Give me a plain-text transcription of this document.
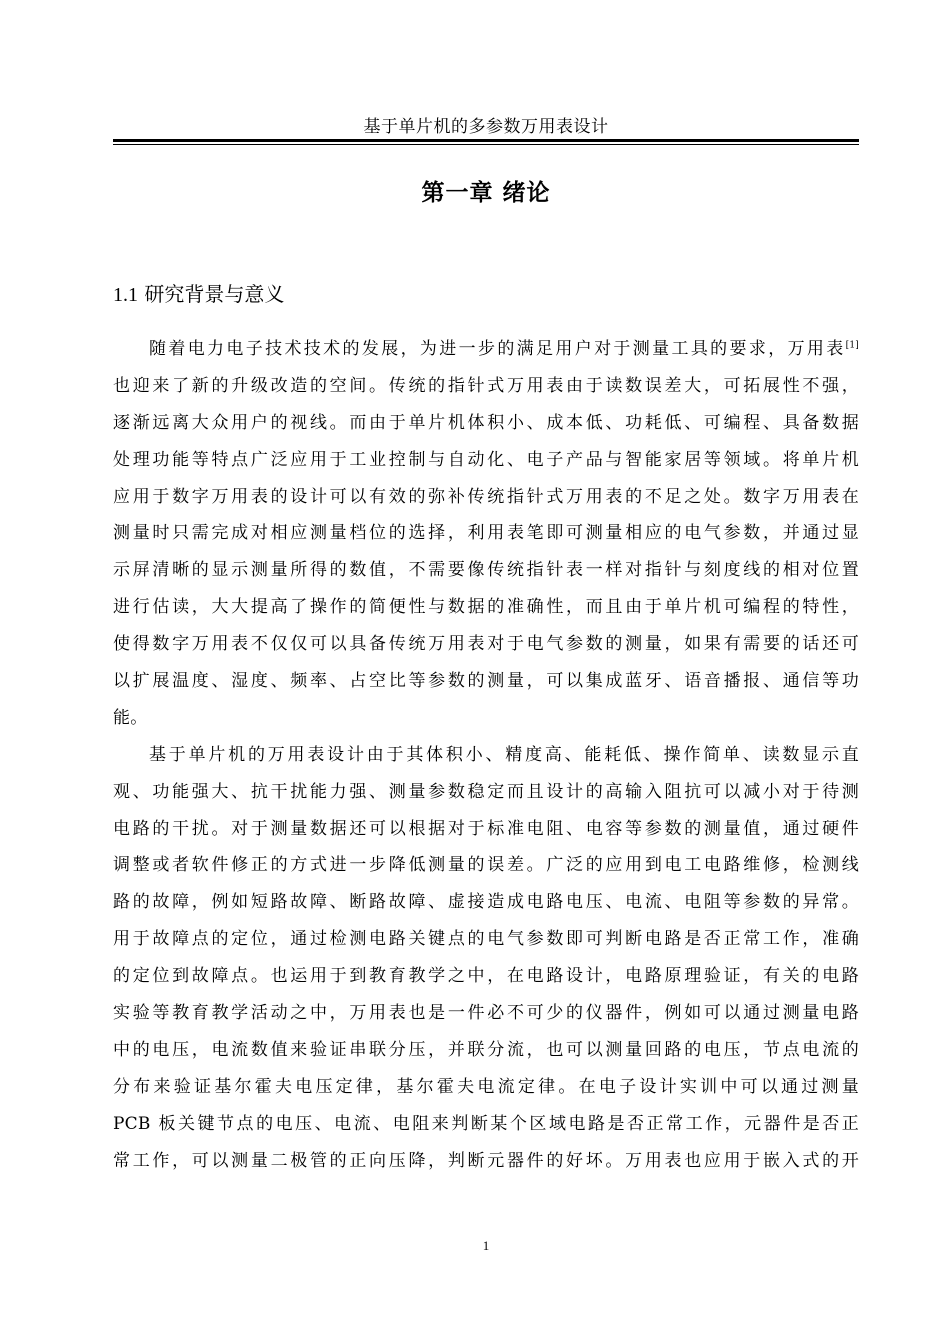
基于单片机的多参数万用表设计
第一章 绪论
1.1 研究背景与意义
随着电力电子技术技术的发展，为进一步的满足用户对于测量工具的要求，万用表[1]
也迎来了新的升级改造的空间。传统的指针式万用表由于读数误差大，可拓展性不强，
逐渐远离大众用户的视线。而由于单片机体积小、成本低、功耗低、可编程、具备数据
处理功能等特点广泛应用于工业控制与自动化、电子产品与智能家居等领域。将单片机
应用于数字万用表的设计可以有效的弥补传统指针式万用表的不足之处。数字万用表在
测量时只需完成对相应测量档位的选择，利用表笔即可测量相应的电气参数，并通过显
示屏清晰的显示测量所得的数值，不需要像传统指针表一样对指针与刻度线的相对位置
进行估读，大大提高了操作的简便性与数据的准确性，而且由于单片机可编程的特性，
使得数字万用表不仅仅可以具备传统万用表对于电气参数的测量，如果有需要的话还可
以扩展温度、湿度、频率、占空比等参数的测量，可以集成蓝牙、语音播报、通信等功
能。
基于单片机的万用表设计由于其体积小、精度高、能耗低、操作简单、读数显示直
观、功能强大、抗干扰能力强、测量参数稳定而且设计的高输入阻抗可以减小对于待测
电路的干扰。对于测量数据还可以根据对于标准电阻、电容等参数的测量值，通过硬件
调整或者软件修正的方式进一步降低测量的误差。广泛的应用到电工电路维修，检测线
路的故障，例如短路故障、断路故障、虚接造成电路电压、电流、电阻等参数的异常。
用于故障点的定位，通过检测电路关键点的电气参数即可判断电路是否正常工作，准确
的定位到故障点。也运用于到教育教学之中，在电路设计，电路原理验证，有关的电路
实验等教育教学活动之中，万用表也是一件必不可少的仪器件，例如可以通过测量电路
中的电压，电流数值来验证串联分压，并联分流，也可以测量回路的电压，节点电流的
分布来验证基尔霍夫电压定律，基尔霍夫电流定律。在电子设计实训中可以通过测量
PCB 板关键节点的电压、电流、电阻来判断某个区域电路是否正常工作，元器件是否正
常工作，可以测量二极管的正向压降，判断元器件的好坏。万用表也应用于嵌入式的开
1
